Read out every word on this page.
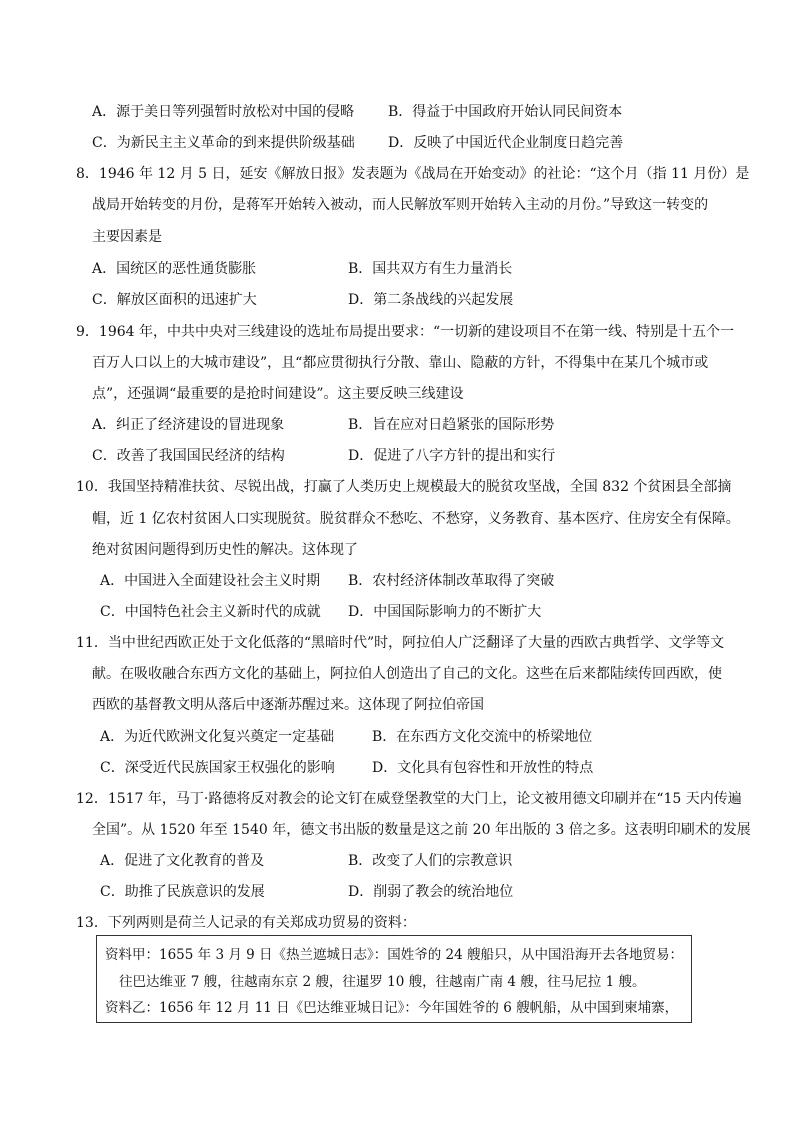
A．源于美日等列强暂时放松对中国的侵略 B．得益于中国政府开始认同民间资本
C．为新民主主义革命的到来提供阶级基础 D．反映了中国近代企业制度日趋完善
8．1946 年 12 月 5 日，延安《解放日报》发表题为《战局在开始变动》的社论：“这个月（指 11 月份）是
战局开始转变的月份，是蒋军开始转入被动，而人民解放军则开始转入主动的月份。”导致这一转变的
主要因素是
A．国统区的恶性通货膨胀	B．国共双方有生力量消长
C．解放区面积的迅速扩大	D．第二条战线的兴起发展
9．1964 年，中共中央对三线建设的选址布局提出要求：“一切新的建设项目不在第一线、特别是十五个一
百万人口以上的大城市建设”，且“都应贯彻执行分散、靠山、隐蔽的方针，不得集中在某几个城市或
点”，还强调“最重要的是抢时间建设”。这主要反映三线建设
A．纠正了经济建设的冒进现象	B．旨在应对日趋紧张的国际形势
C．改善了我国国民经济的结构	D．促进了八字方针的提出和实行
10．我国坚持精准扶贫、尽锐出战，打赢了人类历史上规模最大的脱贫攻坚战，全国 832 个贫困县全部摘
帽，近 1 亿农村贫困人口实现脱贫。脱贫群众不愁吃、不愁穿，义务教育、基本医疗、住房安全有保障。
绝对贫困问题得到历史性的解决。这体现了
A．中国进入全面建设社会主义时期 B．农村经济体制改革取得了突破
C．中国特色社会主义新时代的成就 D．中国国际影响力的不断扩大
11．当中世纪西欧正处于文化低落的“黑暗时代”时，阿拉伯人广泛翻译了大量的西欧古典哲学、文学等文
献。在吸收融合东西方文化的基础上，阿拉伯人创造出了自己的文化。这些在后来都陆续传回西欧，使
西欧的基督教文明从落后中逐渐苏醒过来。这体现了阿拉伯帝国
A．为近代欧洲文化复兴奠定一定基础	B．在东西方文化交流中的桥梁地位
C．深受近代民族国家王权强化的影响	D．文化具有包容性和开放性的特点
12．1517 年，马丁·路德将反对教会的论文钉在威登堡教堂的大门上，论文被用德文印刷并在“15 天内传遍
全国”。从 1520 年至 1540 年，德文书出版的数量是这之前 20 年出版的 3 倍之多。这表明印刷术的发展
A．促进了文化教育的普及	B．改变了人们的宗教意识
C．助推了民族意识的发展	D．削弱了教会的统治地位
13．下列两则是荷兰人记录的有关郑成功贸易的资料：
资料甲：1655 年 3 月 9 日《热兰遮城日志》：国姓爷的 24 艘船只，从中国沿海开去各地贸易：
往巴达维亚 7 艘，往越南东京 2 艘，往暹罗 10 艘，往越南广南 4 艘，往马尼拉 1 艘。
资料乙：1656 年 12 月 11 日《巴达维亚城日记》：今年国姓爷的 6 艘帆船，从中国到柬埔寨，
